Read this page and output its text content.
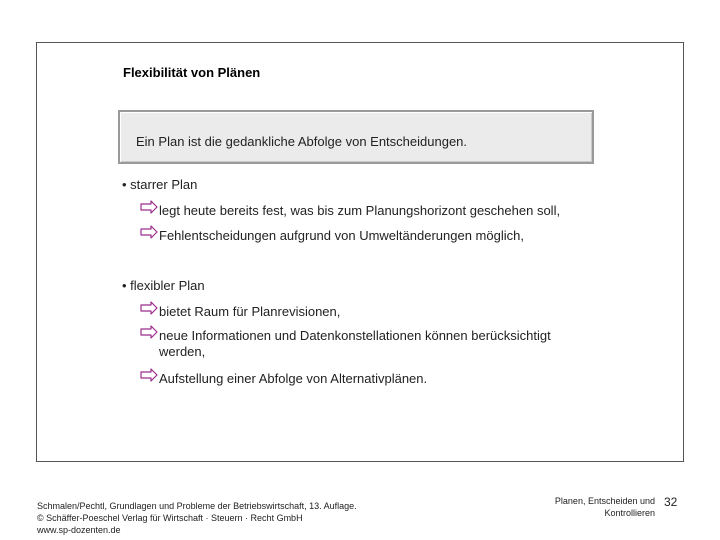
Flexibilität von Plänen
Ein Plan ist die gedankliche Abfolge von Entscheidungen.
• starrer Plan
legt heute bereits fest, was bis zum Planungshorizont geschehen soll,
Fehlentscheidungen aufgrund von Umweltänderungen möglich,
• flexibler Plan
bietet Raum für Planrevisionen,
neue Informationen und Datenkonstellationen können berücksichtigt werden,
Aufstellung einer Abfolge von Alternativplänen.
Schmalen/Pechtl, Grundlagen und Probleme der Betriebswirtschaft, 13. Auflage.
© Schäffer-Poeschel Verlag für Wirtschaft · Steuern · Recht GmbH
www.sp-dozenten.de
Planen, Entscheiden und
Kontrollieren
32
